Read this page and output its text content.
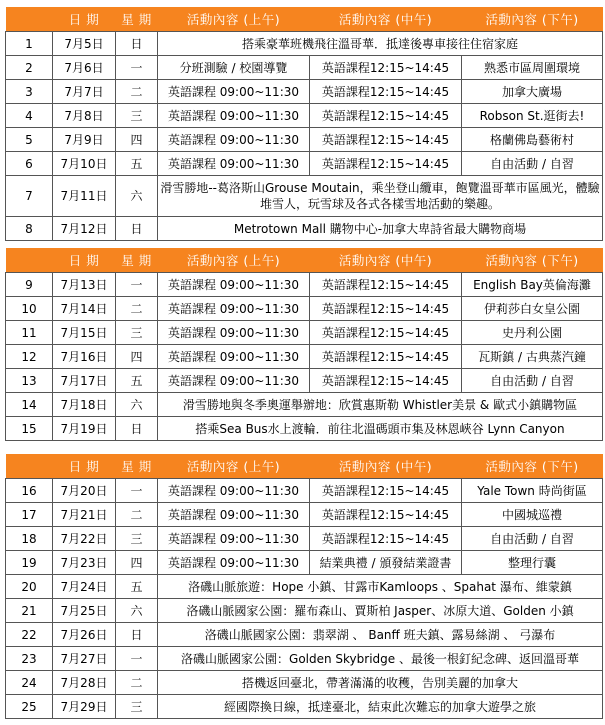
	日 期	星 期	活動內容 (上午)	活動內容 (中午)	活動內容 (下午)
1	7月5日	日	搭乘豪華班機飛往溫哥華．抵達後專車接往住宿家庭		
2	7月6日	一	分班測驗 / 校園導覽	英語課程12:15~14:45	熟悉市區周圍環境
3	7月7日	二	英語課程 09:00~11:30	英語課程12:15~14:45	加拿大廣場
4	7月8日	三	英語課程 09:00~11:30	英語課程12:15~14:45	Robson St.逛街去!
5	7月9日	四	英語課程 09:00~11:30	英語課程12:15~14:45	格蘭佛島藝術村
6	7月10日	五	英語課程 09:00~11:30	英語課程12:15~14:45	自由活動 / 自習
7	7月11日	六	滑雪勝地--葛洛斯山Grouse Moutain，乘坐登山纜車，飽覽溫哥華市區風光，體驗堆雪人，玩雪球及各式各樣雪地活動的樂趣。		
8	7月12日	日	Metrotown Mall 購物中心-加拿大卑詩省最大購物商場		
	日 期	星 期	活動內容 (上午)	活動內容 (中午)	活動內容 (下午)
9	7月13日	一	英語課程 09:00~11:30	英語課程12:15~14:45	English Bay英倫海灘
10	7月14日	二	英語課程 09:00~11:30	英語課程12:15~14:45	伊莉莎白女皇公園
11	7月15日	三	英語課程 09:00~11:30	英語課程12:15~14:45	史丹利公園
12	7月16日	四	英語課程 09:00~11:30	英語課程12:15~14:45	瓦斯鎮 / 古典蒸汽鐘
13	7月17日	五	英語課程 09:00~11:30	英語課程12:15~14:45	自由活動 / 自習
14	7月18日	六	滑雪勝地與冬季奧運舉辦地：欣賞惠斯勒 Whistler美景 & 歐式小鎮購物區		
15	7月19日	日	搭乘Sea Bus水上渡輪．前往北溫碼頭市集及林恩峽谷 Lynn Canyon		
	日 期	星 期	活動內容 (上午)	活動內容 (中午)	活動內容 (下午)
16	7月20日	一	英語課程 09:00~11:30	英語課程12:15~14:45	Yale Town 時尚街區
17	7月21日	二	英語課程 09:00~11:30	英語課程12:15~14:45	中國城巡禮
18	7月22日	三	英語課程 09:00~11:30	英語課程12:15~14:45	自由活動 / 自習
19	7月23日	四	英語課程 09:00~11:30	結業典禮 / 頒發結業證書	整理行囊
20	7月24日	五	洛磯山脈旅遊：Hope 小鎮、甘露市Kamloops 、Spahat 瀑布、維蒙鎮		
21	7月25日	六	洛磯山脈國家公園：羅布森山、賈斯柏 Jasper、冰原大道、Golden 小鎮		
22	7月26日	日	洛磯山脈國家公園：翡翠湖 、 Banff 班夫鎮、露易絲湖 、 弓瀑布		
23	7月27日	一	洛磯山脈國家公園：Golden Skybridge 、最後一根釘紀念碑、返回溫哥華		
24	7月28日	二	搭機返回臺北，帶著滿滿的收穫，告別美麗的加拿大		
25	7月29日	三	經國際換日線，抵達臺北，結束此次難忘的加拿大遊學之旅		
